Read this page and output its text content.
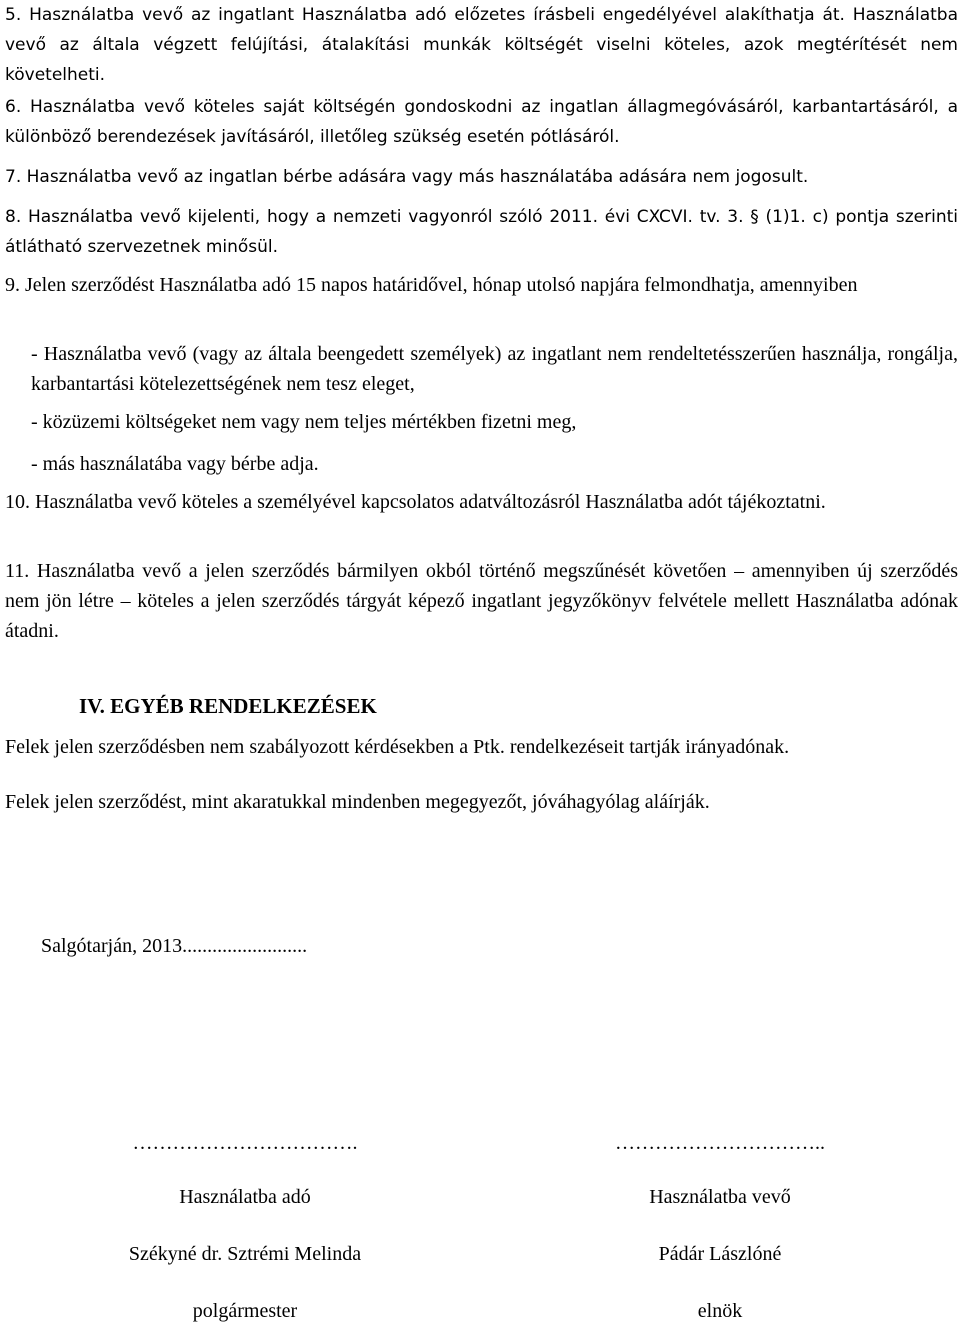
5. Használatba vevő az ingatlant Használatba adó előzetes írásbeli engedélyével alakíthatja át. Használatba vevő az általa végzett felújítási, átalakítási munkák költségét viselni köteles, azok megtérítését nem követelheti.

6. Használatba vevő köteles saját költségén gondoskodni az ingatlan állagmegóvásáról, karbantartásáról, a különböző berendezések javításáról, illetőleg szükség esetén pótlásáról.

7. Használatba vevő az ingatlan bérbe adására vagy más használatába adására nem jogosult.

8. Használatba vevő kijelenti, hogy a nemzeti vagyonról szóló 2011. évi CXCVI. tv. 3. § (1)1. c) pontja szerinti átlátható szervezetnek minősül.

9. Jelen szerződést Használatba adó 15 napos határidővel, hónap utolsó napjára felmondhatja, amennyiben

- Használatba vevő (vagy az általa beengedett személyek) az ingatlant nem rendeltetésszerűen használja, rongálja, karbantartási kötelezettségének nem tesz eleget,

- közüzemi költségeket nem vagy nem teljes mértékben fizetni meg,

- más használatába vagy bérbe adja.

10. Használatba vevő köteles a személyével kapcsolatos adatváltozásról Használatba adót tájékoztatni.

11. Használatba vevő a jelen szerződés bármilyen okból történő megszűnését követően – amennyiben új szerződés nem jön létre – köteles a jelen szerződés tárgyát képező ingatlant jegyzőkönyv felvétele mellett Használatba adónak átadni.

IV. EGYÉB RENDELKEZÉSEK

Felek jelen szerződésben nem szabályozott kérdésekben a Ptk. rendelkezéseit tartják irányadónak.

Felek jelen szerződést, mint akaratukkal mindenben megegyezőt, jóváhagyólag aláírják.

Salgótarján, 2013.........................

…………………………….

Használatba adó

Székyné dr. Sztrémi Melinda

polgármester

…………………………..

Használatba vevő

Pádár Lászlóné

elnök
